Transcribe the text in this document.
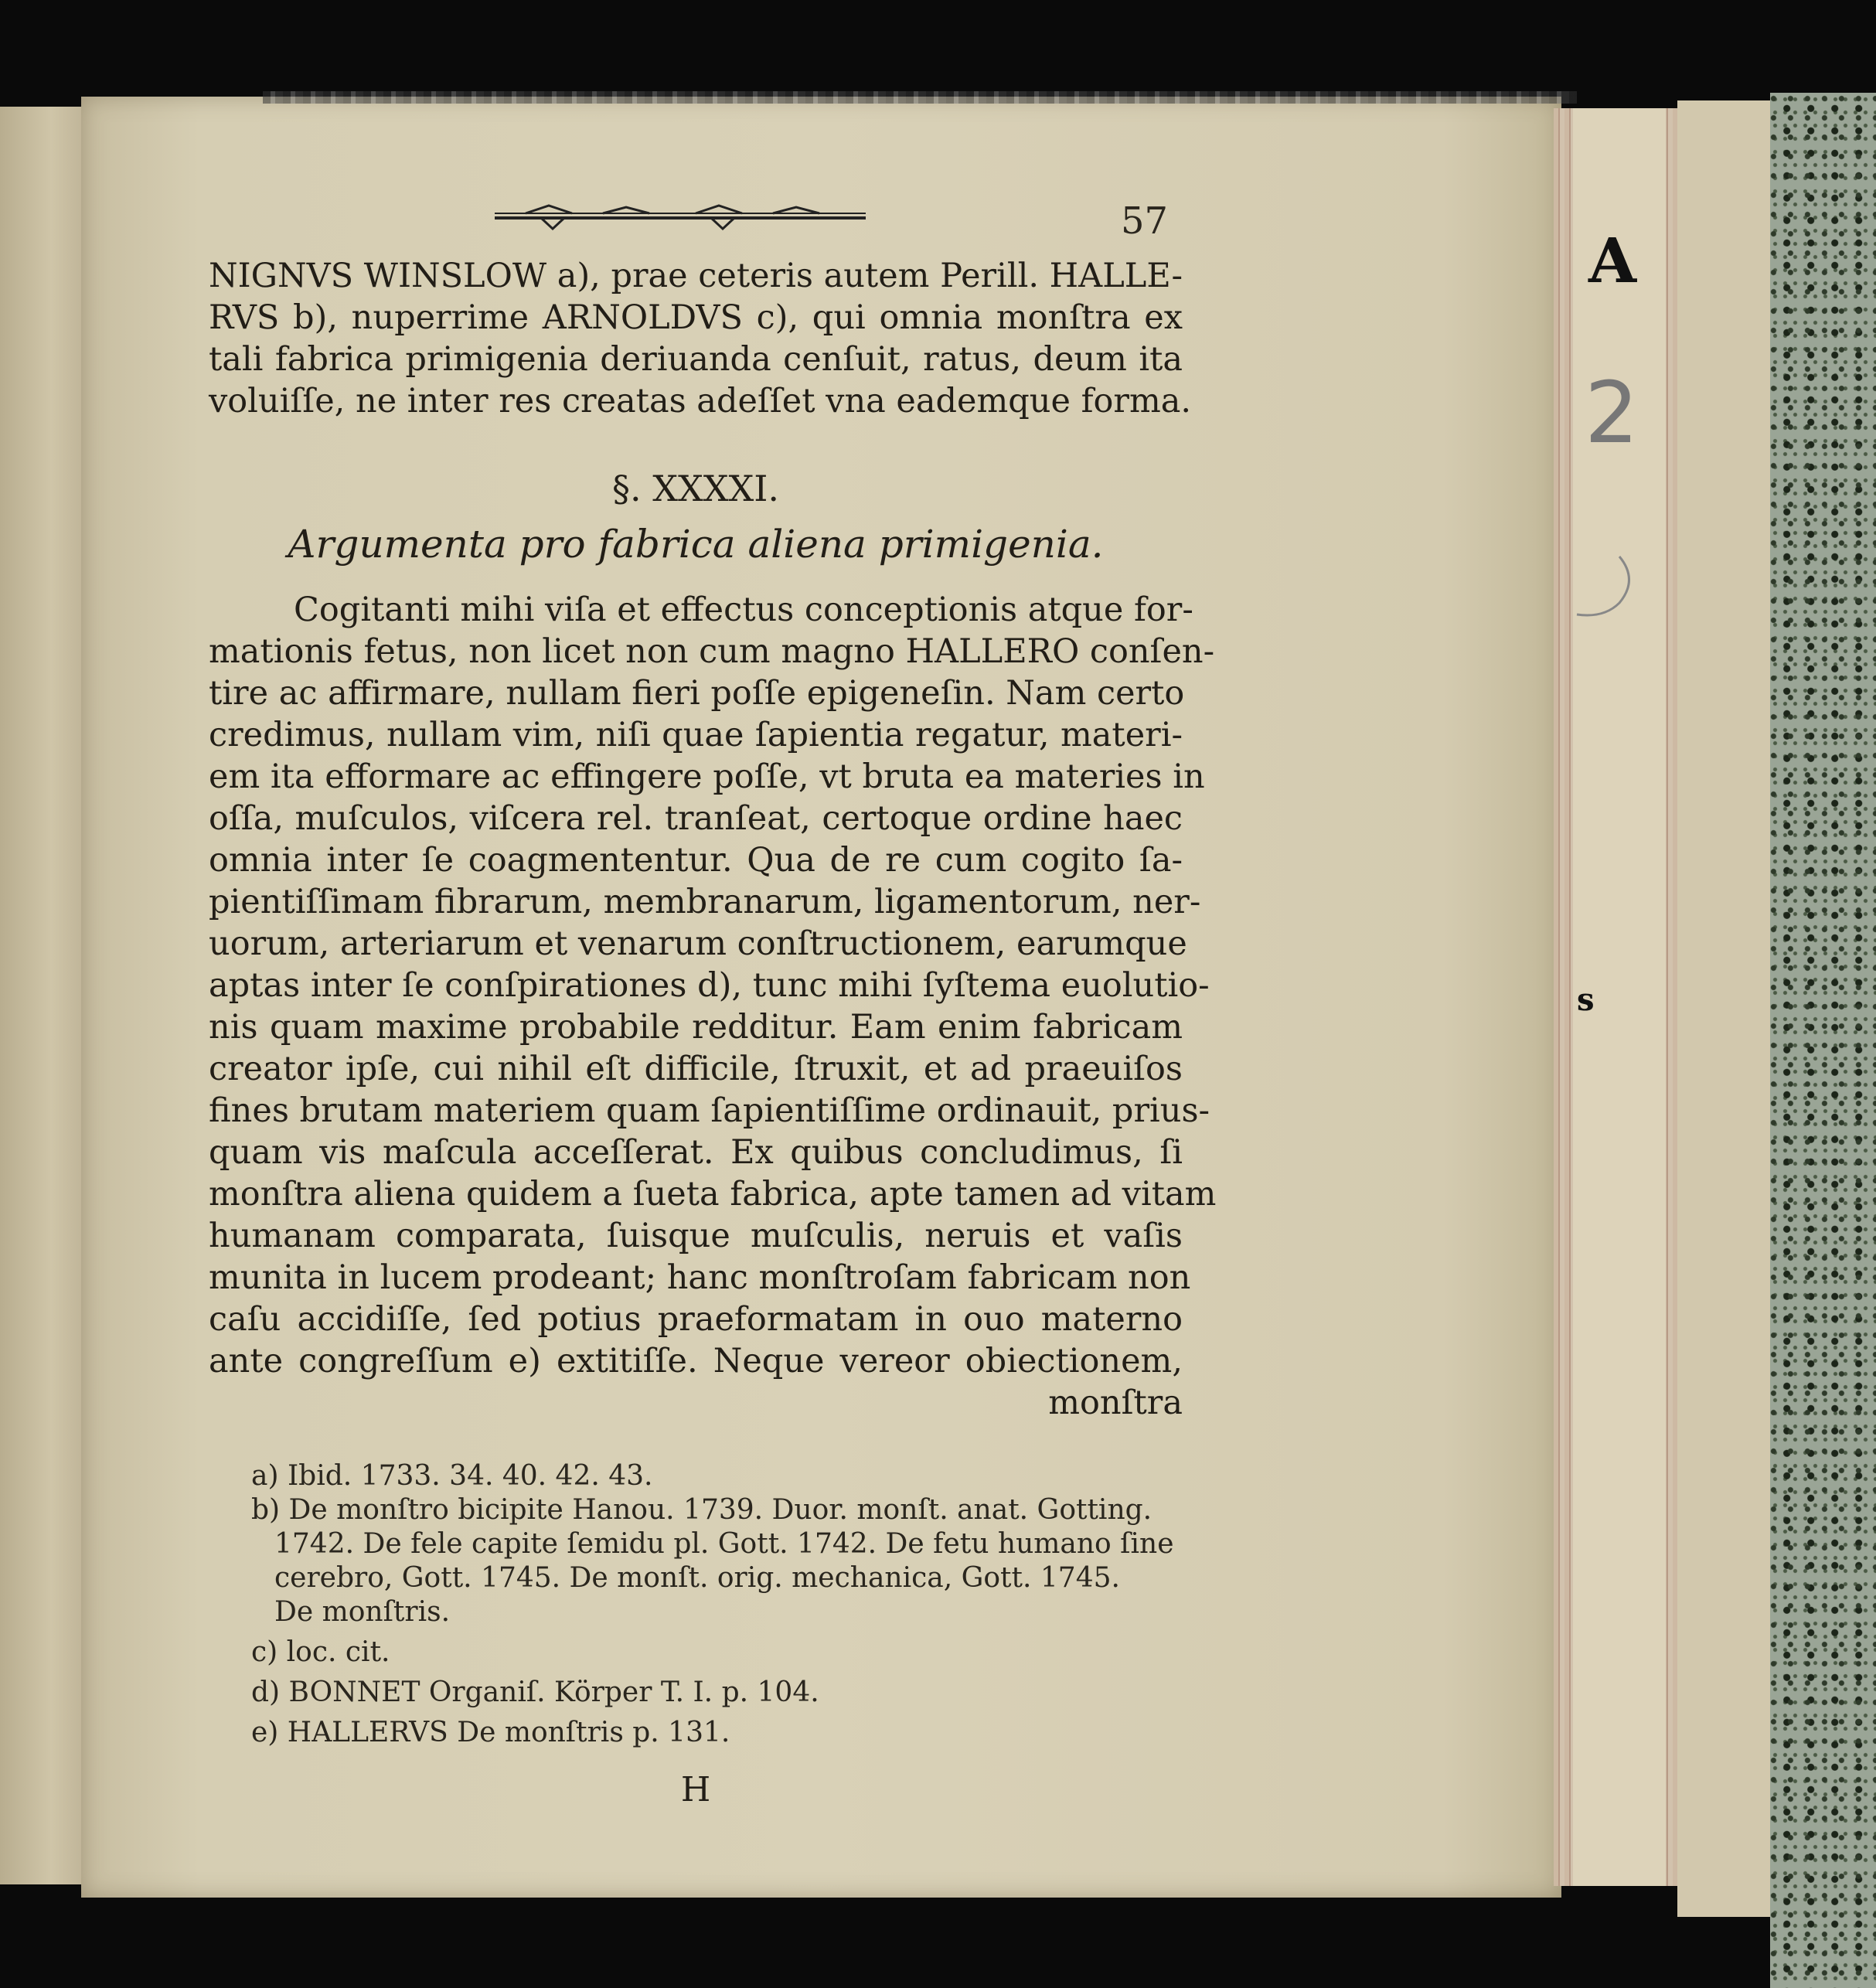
A
2
s
57
NIGNVS WINSLOW a), prae ceteris autem Perill. HALLE-
RVS b), nuperrime ARNOLDVS c), qui omnia monſtra ex
tali fabrica primigenia deriuanda cenſuit, ratus, deum ita
voluiſſe, ne inter res creatas adeſſet vna eademque forma.
§. XXXXI.
Argumenta pro fabrica aliena primigenia.
Cogitanti mihi viſa et effectus conceptionis atque for-
mationis fetus, non licet non cum magno HALLERO conſen-
tire ac affirmare, nullam fieri poſſe epigeneſin. Nam certo
credimus, nullam vim, niſi quae ſapientia regatur, materi-
em ita efformare ac effingere poſſe, vt bruta ea materies in
oſſa, muſculos, viſcera rel. tranſeat, certoque ordine haec
omnia inter ſe coagmententur. Qua de re cum cogito ſa-
pientiſſimam fibrarum, membranarum, ligamentorum, ner-
uorum, arteriarum et venarum conſtructionem, earumque
aptas inter ſe conſpirationes d), tunc mihi ſyſtema euolutio-
nis quam maxime probabile redditur. Eam enim fabricam
creator ipſe, cui nihil eſt difficile, ſtruxit, et ad praeuiſos
fines brutam materiem quam ſapientiſſime ordinauit, prius-
quam vis maſcula acceſſerat. Ex quibus concludimus, ſi
monſtra aliena quidem a ſueta fabrica, apte tamen ad vitam
humanam comparata, ſuisque muſculis, neruis et vaſis
munita in lucem prodeant; hanc monſtroſam fabricam non
caſu accidiſſe, ſed potius praeformatam in ouo materno
ante congreſſum e) extitiſſe. Neque vereor obiectionem,
monſtra
a) Ibid. 1733. 34. 40. 42. 43.
b) De monſtro bicipite Hanou. 1739. Duor. monſt. anat. Gotting.
1742. De fele capite ſemidu pl. Gott. 1742. De fetu humano ſine
cerebro, Gott. 1745. De monſt. orig. mechanica, Gott. 1745.
De monſtris.
c) loc. cit.
d) BONNET Organiſ. Körper T. I. p. 104.
e) HALLERVS De monſtris p. 131.
H
